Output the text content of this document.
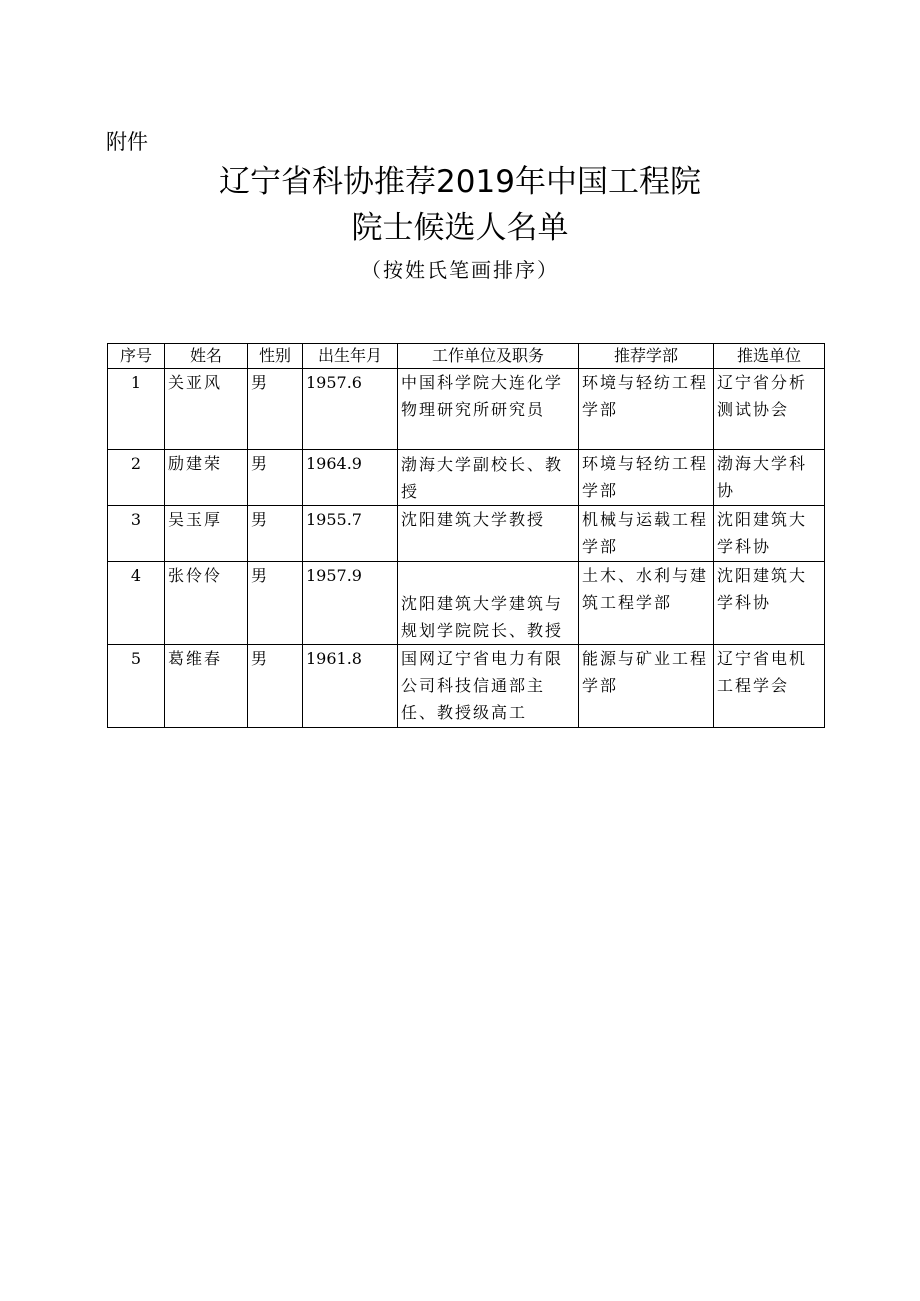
附件
辽宁省科协推荐2019年中国工程院
院士候选人名单
（按姓氏笔画排序）
序号	姓名	性别	出生年月	工作单位及职务	推荐学部	推选单位
1	关亚风	男	1957.6	中国科学院大连化学物理研究所研究员	环境与轻纺工程学部	辽宁省分析测试协会
2	励建荣	男	1964.9	渤海大学副校长、教授	环境与轻纺工程学部	渤海大学科协
3	吴玉厚	男	1955.7	沈阳建筑大学教授	机械与运载工程学部	沈阳建筑大学科协
4	张伶伶	男	1957.9	沈阳建筑大学建筑与规划学院院长、教授	土木、水利与建筑工程学部	沈阳建筑大学科协
5	葛维春	男	1961.8	国网辽宁省电力有限公司科技信通部主任、教授级高工	能源与矿业工程学部	辽宁省电机工程学会
